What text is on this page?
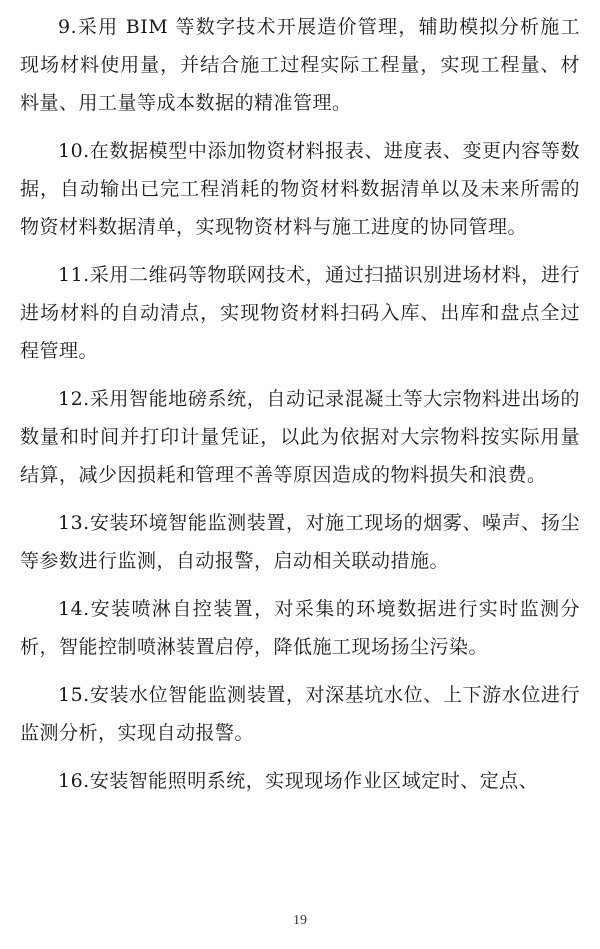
9.采用 BIM 等数字技术开展造价管理，辅助模拟分析施工现场材料使用量，并结合施工过程实际工程量，实现工程量、材料量、用工量等成本数据的精准管理。

10.在数据模型中添加物资材料报表、进度表、变更内容等数据，自动输出已完工程消耗的物资材料数据清单以及未来所需的物资材料数据清单，实现物资材料与施工进度的协同管理。

11.采用二维码等物联网技术，通过扫描识别进场材料，进行进场材料的自动清点，实现物资材料扫码入库、出库和盘点全过程管理。

12.采用智能地磅系统，自动记录混凝土等大宗物料进出场的数量和时间并打印计量凭证，以此为依据对大宗物料按实际用量结算，减少因损耗和管理不善等原因造成的物料损失和浪费。

13.安装环境智能监测装置，对施工现场的烟雾、噪声、扬尘等参数进行监测，自动报警，启动相关联动措施。

14.安装喷淋自控装置，对采集的环境数据进行实时监测分析，智能控制喷淋装置启停，降低施工现场扬尘污染。

15.安装水位智能监测装置，对深基坑水位、上下游水位进行监测分析，实现自动报警。

16.安装智能照明系统，实现现场作业区域定时、定点、

19
